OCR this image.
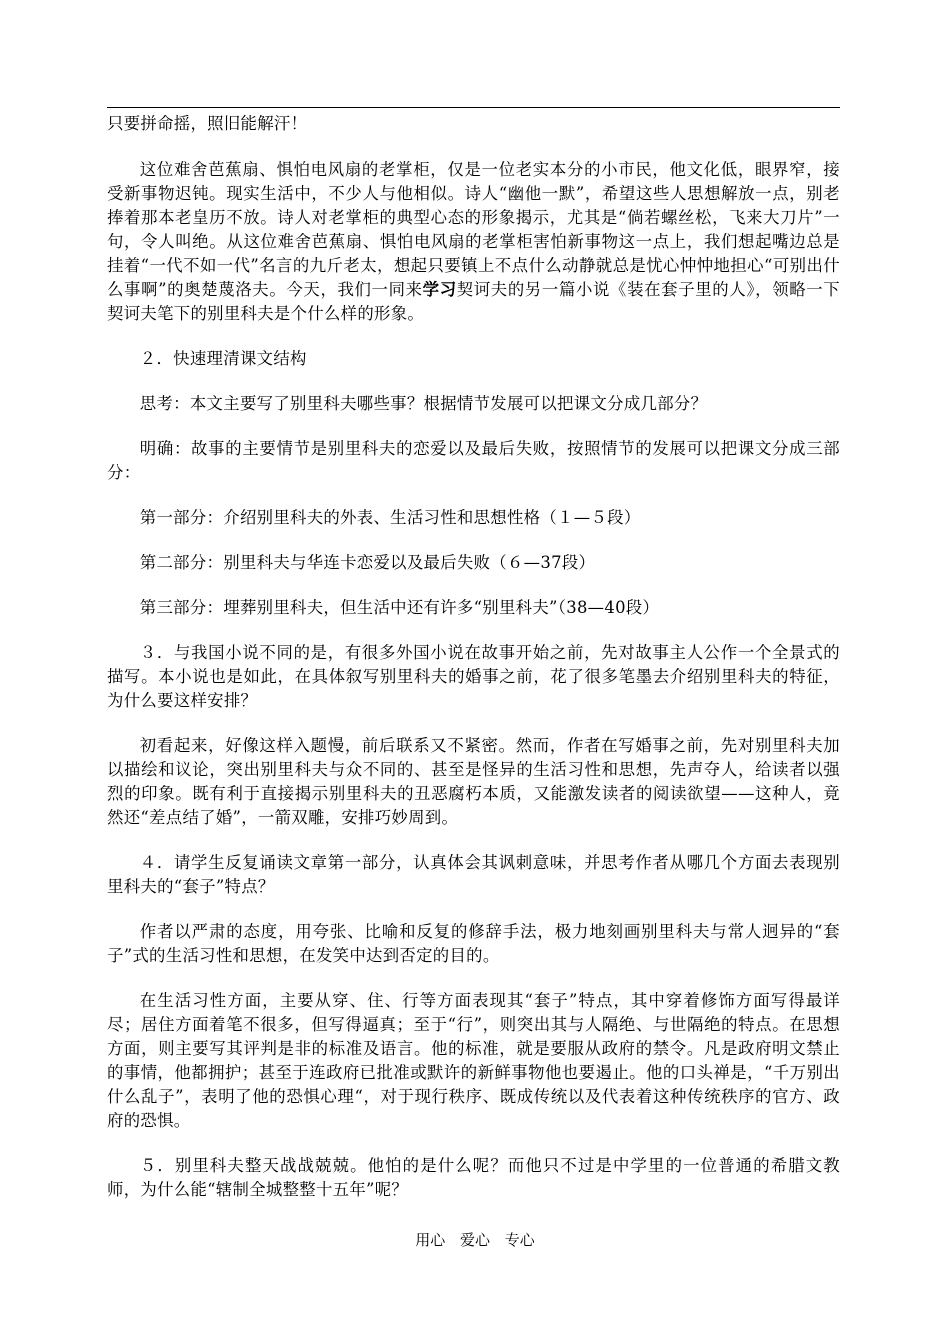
只要拼命摇，照旧能解汗！

这位难舍芭蕉扇、惧怕电风扇的老掌柜，仅是一位老实本分的小市民，他文化低，眼界窄，接受新事物迟钝。现实生活中，不少人与他相似。诗人“幽他一默”，希望这些人思想解放一点，别老捧着那本老皇历不放。诗人对老掌柜的典型心态的形象揭示，尤其是“倘若螺丝松，飞来大刀片”一句，令人叫绝。从这位难舍芭蕉扇、惧怕电风扇的老掌柜害怕新事物这一点上，我们想起嘴边总是挂着“一代不如一代”名言的九斤老太，想起只要镇上不点什么动静就总是忧心忡忡地担心“可别出什么事啊”的奥楚蔑洛夫。今天，我们一同来学习契诃夫的另一篇小说《装在套子里的人》，领略一下契诃夫笔下的别里科夫是个什么样的形象。

２．快速理清课文结构

思考：本文主要写了别里科夫哪些事？根据情节发展可以把课文分成几部分？

明确：故事的主要情节是别里科夫的恋爱以及最后失败，按照情节的发展可以把课文分成三部分：

第一部分：介绍别里科夫的外表、生活习性和思想性格（１—５段）

第二部分：别里科夫与华连卡恋爱以及最后失败（６—37段）

第三部分：埋葬别里科夫，但生活中还有许多“别里科夫”（38—40段）

３．与我国小说不同的是，有很多外国小说在故事开始之前，先对故事主人公作一个全景式的描写。本小说也是如此，在具体叙写别里科夫的婚事之前，花了很多笔墨去介绍别里科夫的特征，为什么要这样安排？

初看起来，好像这样入题慢，前后联系又不紧密。然而，作者在写婚事之前，先对别里科夫加以描绘和议论，突出别里科夫与众不同的、甚至是怪异的生活习性和思想，先声夺人，给读者以强烈的印象。既有利于直接揭示别里科夫的丑恶腐朽本质，又能激发读者的阅读欲望——这种人，竟然还“差点结了婚”，一箭双雕，安排巧妙周到。

４．请学生反复诵读文章第一部分，认真体会其讽刺意味，并思考作者从哪几个方面去表现别里科夫的“套子”特点？

作者以严肃的态度，用夸张、比喻和反复的修辞手法，极力地刻画别里科夫与常人迥异的“套子”式的生活习性和思想，在发笑中达到否定的目的。

在生活习性方面，主要从穿、住、行等方面表现其“套子”特点，其中穿着修饰方面写得最详尽；居住方面着笔不很多，但写得逼真；至于“行”，则突出其与人隔绝、与世隔绝的特点。在思想方面，则主要写其评判是非的标准及语言。他的标准，就是要服从政府的禁令。凡是政府明文禁止的事情，他都拥护；甚至于连政府已批准或默许的新鲜事物他也要遏止。他的口头禅是，“千万别出什么乱子”，表明了他的恐惧心理“，对于现行秩序、既成传统以及代表着这种传统秩序的官方、政府的恐惧。

５．别里科夫整天战战兢兢。他怕的是什么呢？而他只不过是中学里的一位普通的希腊文教师，为什么能“辖制全城整整十五年”呢？

用心 爱心 专心
